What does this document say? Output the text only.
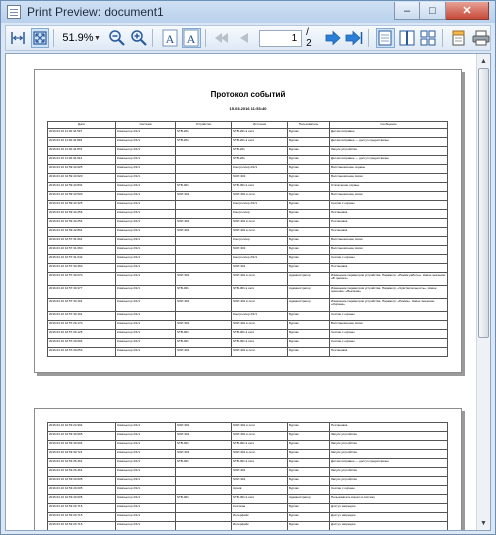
Print Preview: document1	–	□	✕
51.9% ▼	A A	1 / 2
Протокол событий
15.03.2016 11:53:40
Дата	Система	Устройство	Источник	Пользователь	Сообщение
2016.03.10 11:00:44.597	Компьютер 2/1/1	STB-201	STB-201 в сети	Бурлак	Датчик исправен
2016.03.10 11:00:44.893	Компьютер 2/1/1	STB-201	STB-201 в сети	Бурлак	Датчик исправен — доступ предоставлен
2016.03.10 11:00:44.876	Компьютер 2/1/1		STB-201	Бурлак	Запуск устройства
2016.03.10 11:00:44.912	Компьютер 2/1/1		STB-201	Бурлак	Датчик исправен — доступ предоставлен
2016.03.10 10:59:43.625	Компьютер 2/1/1		Контроллер 2/1/1	Бурлак	Восстановление охраны
2016.03.10 10:59:43.620	Компьютер 2/1/1		SOP-301	Бурлак	Восстановление связи
2016.03.10 10:59:43.834	Компьютер 2/1/1	STB-301	STB-301 в сети	Бурлак	Отключение охраны
2016.03.10 10:59:43.500	Компьютер 2/1/1	SOP-301	SOP-301 в сети	Бурлак	Восстановление связи
2016.03.10 10:59:43.325	Компьютер 2/1/1		Контроллер 2/1/1	Бурлак	Снятие с охраны
2016.03.10 10:59:43.256	Компьютер 2/1/1		Контроллер	Бурлак	Постановка
2016.03.10 10:59:43.254	Компьютер 2/1/1	SOP-301	SOP-301 в сети	Бурлак	Постановка
2016.03.10 10:59:42.891	Компьютер 2/1/1	SOP-301	SOP-301 в сети	Бурлак	Постановка
2016.03.10 10:57:31.691	Компьютер 2/1/1		Контроллер	Бурлак	Восстановление связи
2016.03.10 10:57:31.060	Компьютер 2/1/1		SOP-301	Бурлак	Восстановление связи
2016.03.10 10:57:31.042	Компьютер 2/1/1		Контроллер 2/1/1	Бурлак	Снятие с охраны
2016.03.10 10:57:30.460	Компьютер 2/1/1		SOP-301	Бурлак	Постановка
2016.03.10 10:57:30.070	Компьютер 2/1/1	SOP-301	SOP-301 в сети	Администратор	Изменение параметров устройства. Параметр: «Режим работы». Новое значение: «В тревоге»
2016.03.10 10:57:30.377	Компьютер 2/1/1	STB-301	STB-301 в сети	Администратор	Изменение параметров устройства. Параметр: «Чувствительность». Новое значение: «Высокая»
2016.03.10 10:57:30.191	Компьютер 2/1/1	SOP-301	SOP-301 в сети	Администратор	Изменение параметров устройства. Параметр: «Режим». Новое значение: «Охрана»
2016.03.10 10:57:30.191	Компьютер 2/1/1		Контроллер 2/1/1	Бурлак	Снятие с охраны
2016.03.10 10:57:29.170	Компьютер 2/1/1	SOP-301	SOP-301 в сети	Бурлак	Восстановление связи
2016.03.10 10:57:29.125	Компьютер 2/1/1	STB-301	STB-301 в сети	Бурлак	Снятие с охраны
2016.03.10 10:57:29.094	Компьютер 2/1/1	STB-301	STB-301 в сети	Бурлак	Снятие с охраны
2016.03.10 10:57:29.053	Компьютер 2/1/1	SOP-301	SOP-301 в сети	Бурлак	Постановка
2016.03.10 10:53:24.904	Компьютер 2/1/1	SOP-301	SOP-301 в сети	Бурлак	Постановка
2016.03.10 10:53:30.905	Компьютер 2/1/1	SOP-301	SOP-301 в сети	Бурлак	Запуск устройства
2016.03.10 10:53:30.904	Компьютер 2/1/1	STB-301	STB-301 в сети	Бурлак	Запуск устройства
2016.03.10 10:53:30.721	Компьютер 2/1/1	SOP-301	SOP-301 в сети	Бурлак	Запуск устройства
2016.03.10 10:53:26.461	Компьютер 2/1/1	STB-301	STB-301 в сети	Бурлак	Датчик исправен — доступ предоставлен
2016.03.10 10:53:26.461	Компьютер 2/1/1		SOP-301	Бурлак	Запуск устройства
2016.03.10 10:53:20.005	Компьютер 2/1/1		SOP-301	Бурлак	Запуск устройства
2016.03.10 10:53:20.005	Компьютер 2/1/1		Архив	Бурлак	Снятие с охраны
2016.03.10 10:53:20.005	Компьютер 2/1/1	STB-301	STB-301 в сети	Администратор	Пользователь вошёл в систему
2016.03.10 10:52:20.715	Компьютер 2/1/1		Система	Бурлак	Доступ запрещён
2016.03.10 10:52:20.715	Компьютер 2/1/1		Интерфейс	Бурлак	Доступ запрещён
2016.03.10 10:52:20.715	Компьютер 2/1/1		Интерфейс	Бурлак	Доступ запрещён
▲
▼
